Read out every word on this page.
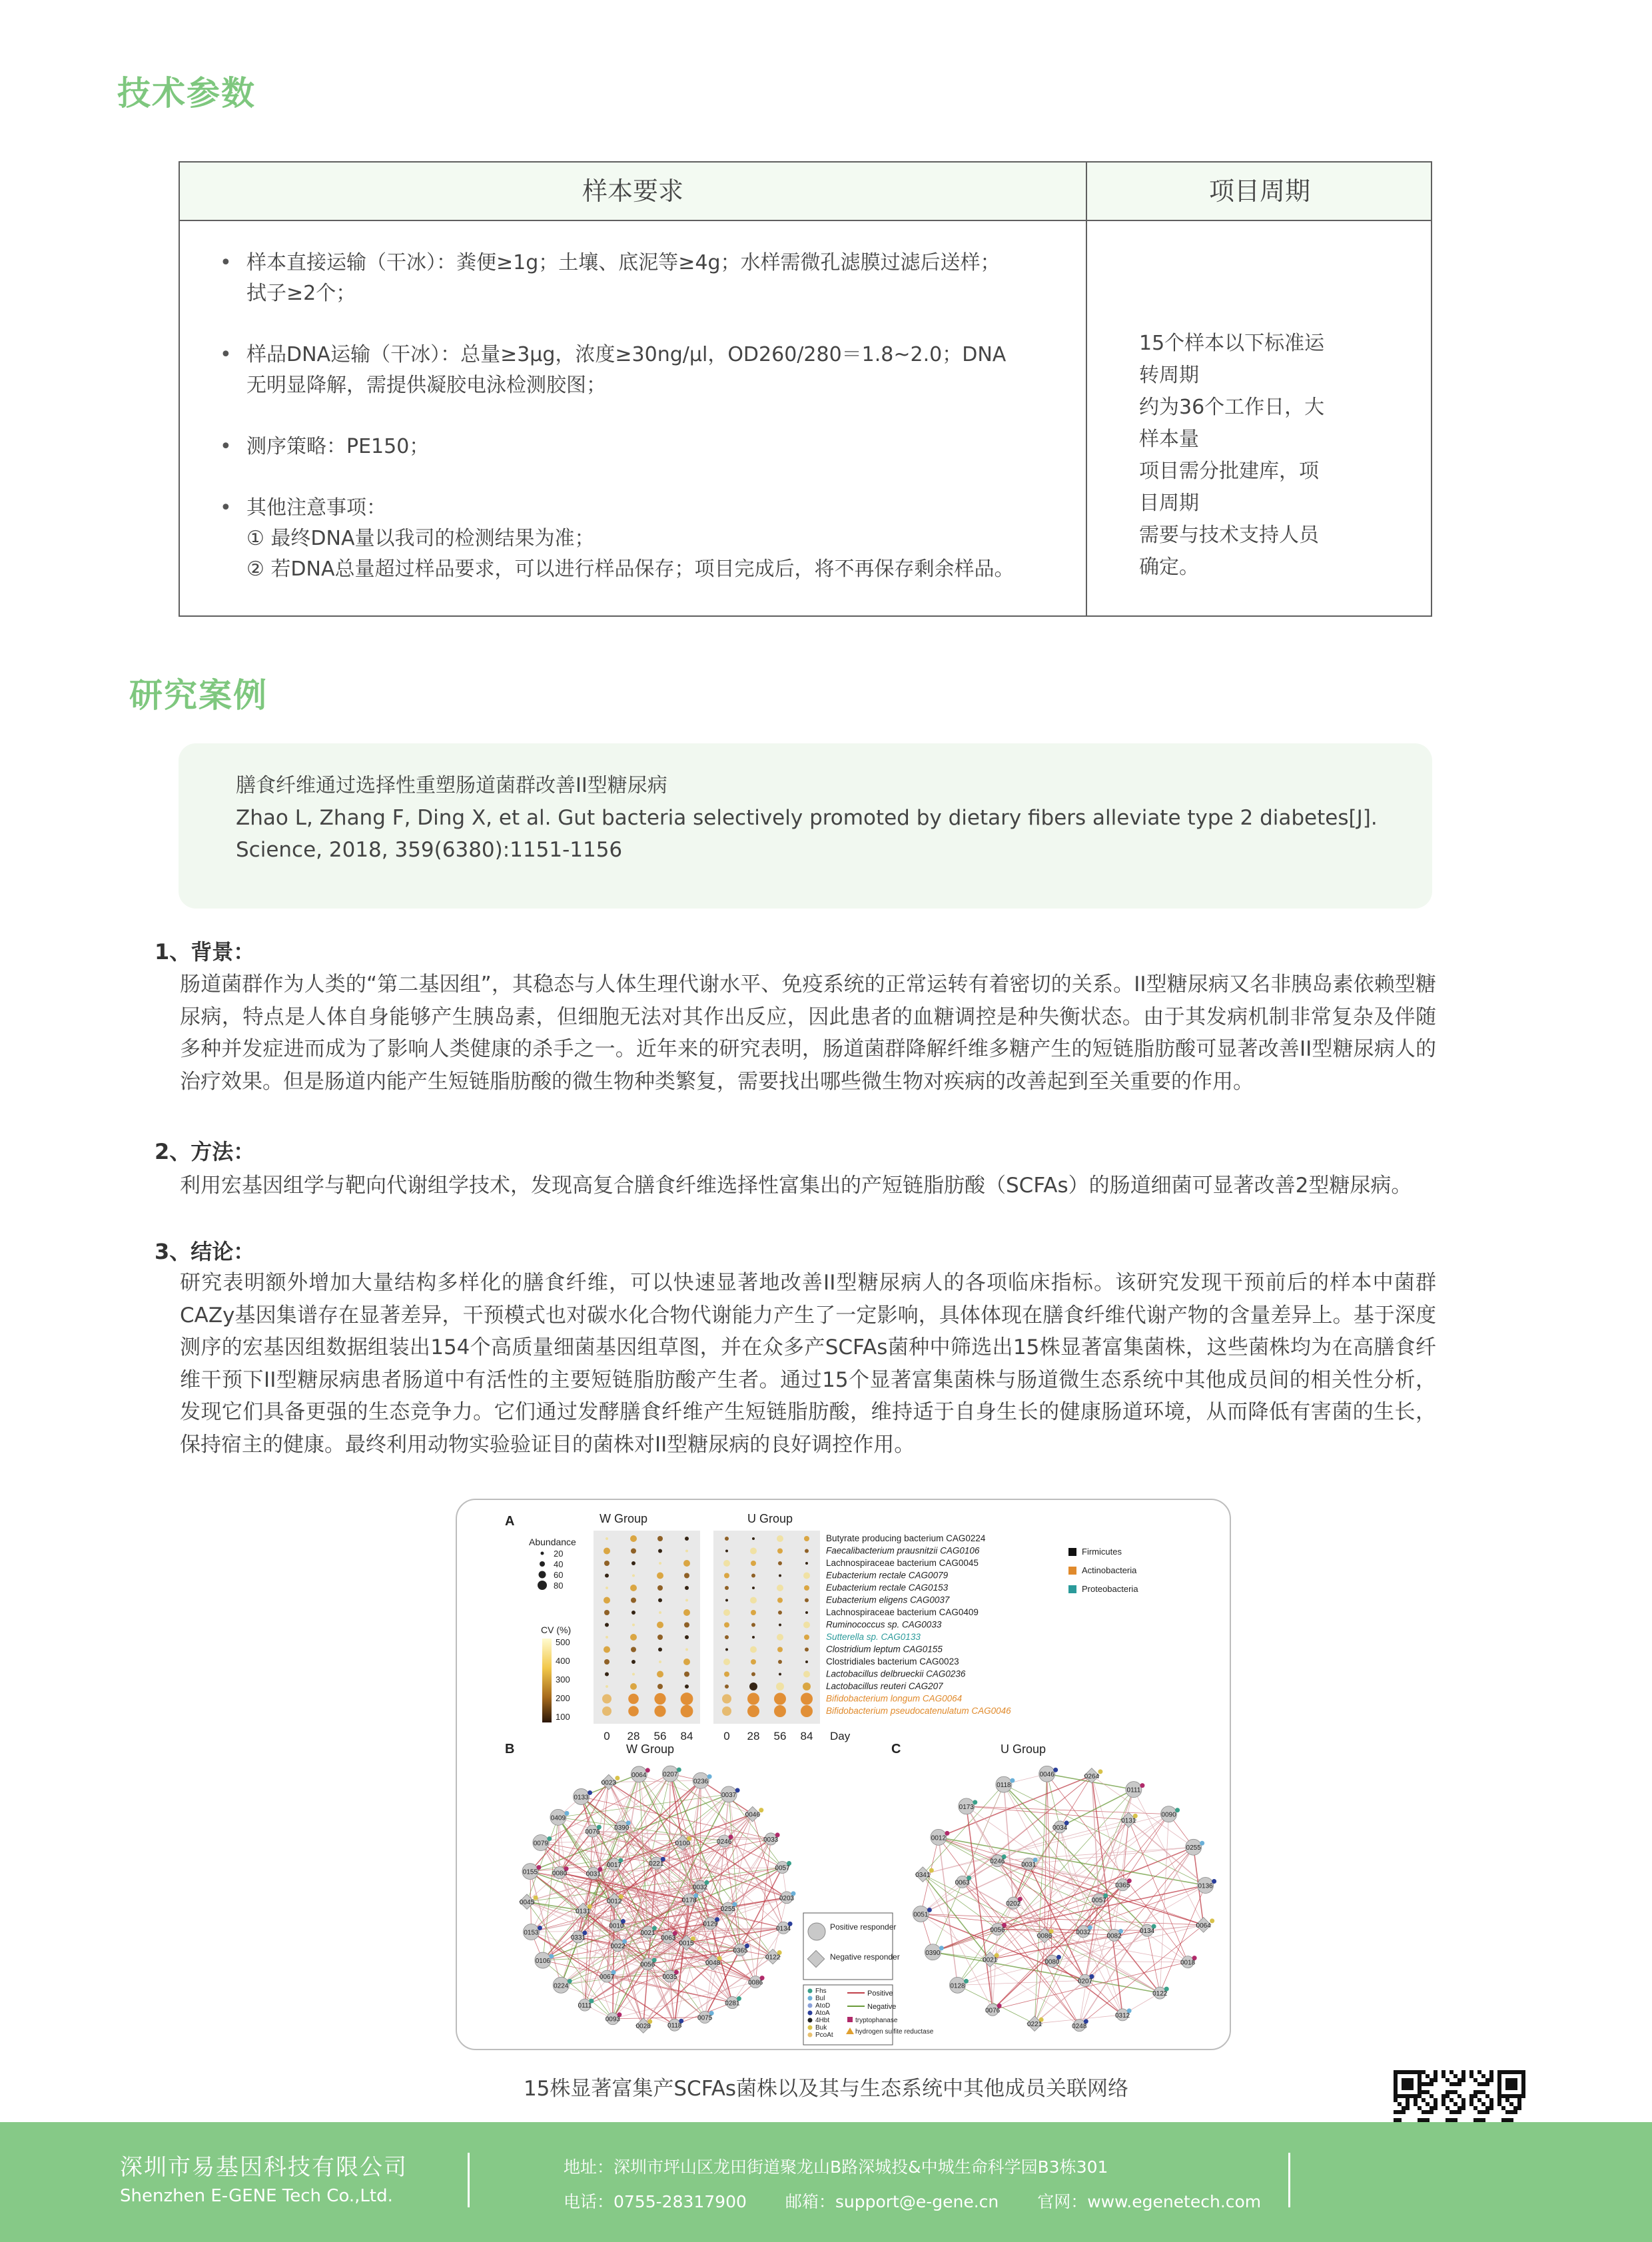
技术参数
样本要求	项目周期
• 样本直接运输（干冰）：粪便≥1g；土壤、底泥等≥4g；水样需微孔滤膜过滤后送样；
拭子≥2个；
• 样品DNA运输（干冰）：总量≥3μg，浓度≥30ng/μl，OD260/280＝1.8~2.0；DNA
无明显降解，需提供凝胶电泳检测胶图；
• 测序策略：PE150；
• 其他注意事项：
① 最终DNA量以我司的检测结果为准；
② 若DNA总量超过样品要求，可以进行样品保存；项目完成后，将不再保存剩余样品。
15个样本以下标准运转周期
约为36个工作日，大样本量
项目需分批建库，项目周期
需要与技术支持人员确定。
研究案例
膳食纤维通过选择性重塑肠道菌群改善II型糖尿病
Zhao L, Zhang F, Ding X, et al. Gut bacteria selectively promoted by dietary fibers alleviate type 2 diabetes[J]. Science, 2018, 359(6380):1151-1156
1、背景：
肠道菌群作为人类的“第二基因组”，其稳态与人体生理代谢水平、免疫系统的正常运转有着密切的关系。II型糖尿病又名非胰岛素依赖型糖尿病，特点是人体自身能够产生胰岛素，但细胞无法对其作出反应，因此患者的血糖调控是种失衡状态。由于其发病机制非常复杂及伴随多种并发症进而成为了影响人类健康的杀手之一。近年来的研究表明，肠道菌群降解纤维多糖产生的短链脂肪酸可显著改善II型糖尿病人的治疗效果。但是肠道内能产生短链脂肪酸的微生物种类繁复，需要找出哪些微生物对疾病的改善起到至关重要的作用。
2、方法：
利用宏基因组学与靶向代谢组学技术，发现高复合膳食纤维选择性富集出的产短链脂肪酸（SCFAs）的肠道细菌可显著改善2型糖尿病。
3、结论：
研究表明额外增加大量结构多样化的膳食纤维，可以快速显著地改善II型糖尿病人的各项临床指标。该研究发现干预前后的样本中菌群CAZy基因集谱存在显著差异，干预模式也对碳水化合物代谢能力产生了一定影响，具体体现在膳食纤维代谢产物的含量差异上。基于深度测序的宏基因组数据组装出154个高质量细菌基因组草图，并在众多产SCFAs菌种中筛选出15株显著富集菌株，这些菌株均为在高膳食纤维干预下II型糖尿病患者肠道中有活性的主要短链脂肪酸产生者。通过15个显著富集菌株与肠道微生态系统中其他成员间的相关性分析，发现它们具备更强的生态竞争力。它们通过发酵膳食纤维产生短链脂肪酸，维持适于自身生长的健康肠道环境，从而降低有害菌的生长，保持宿主的健康。最终利用动物实验验证目的菌株对II型糖尿病的良好调控作用。
A
B	C
W Group	U Group
Abundance
20
40
60
80
CV (%)
500
400
300
200
100
Butyrate producing bacterium CAG0224
Faecalibacterium prausnitzii CAG0106
Lachnospiraceae bacterium CAG0045
Eubacterium rectale CAG0079
Eubacterium rectale CAG0153
Eubacterium eligens CAG0037
Lachnospiraceae bacterium CAG0409
Ruminococcus sp. CAG0033
Sutterella sp. CAG0133
Clostridium leptum CAG0155
Clostridiales bacterium CAG0023
Lactobacillus delbrueckii CAG0236
Lactobacillus reuteri CAG207
Bifidobacterium longum CAG0064
Bifidobacterium pseudocatenulatum CAG0046
0	0
28	28
56	56
84	84 Day
Firmicutes
Actinobacteria
Proteobacteria
W Group	U Group
0224
0106
0153
0045
0155
0079
0409
0133
0023
0064 0207
0236
0037
0046
0033
0057
0203
0134
0122
0086
0281
0075
0118
0028
0093
0111
0178
0129
0048
0063
0056
0067
0010
0131
0080
0017
0390
0221
0100	0246
0032
0255
0365
0015
0035
0021
0022
0331
0012
0031
0076
0128
0390
0051
0341
0012
0173
0118
0046	0264
0111
0090
0255
0136
0064
0018
0122
0312
0248
0221
0076
0057
0082
0207
0086
0056
0063
0031
0034
0131
0365
0134
0032
0080
0021
0202
0246
Positive responder
Negative responder
Fhs
Bul
AtoD
AtoA
4Hbt
Buk
PcoAt
Positive
Negative
tryptophanase
hydrogen sulfite reductase
15株显著富集产SCFAs菌株以及其与生态系统中其他成员关联网络
深圳市易基因科技有限公司
Shenzhen E-GENE Tech Co.,Ltd.
地址：深圳市坪山区龙田街道聚龙山B路深城投&中城生命科学园B3栋301
电话：0755-28317900 邮箱：support@e-gene.cn 官网：www.egenetech.com
